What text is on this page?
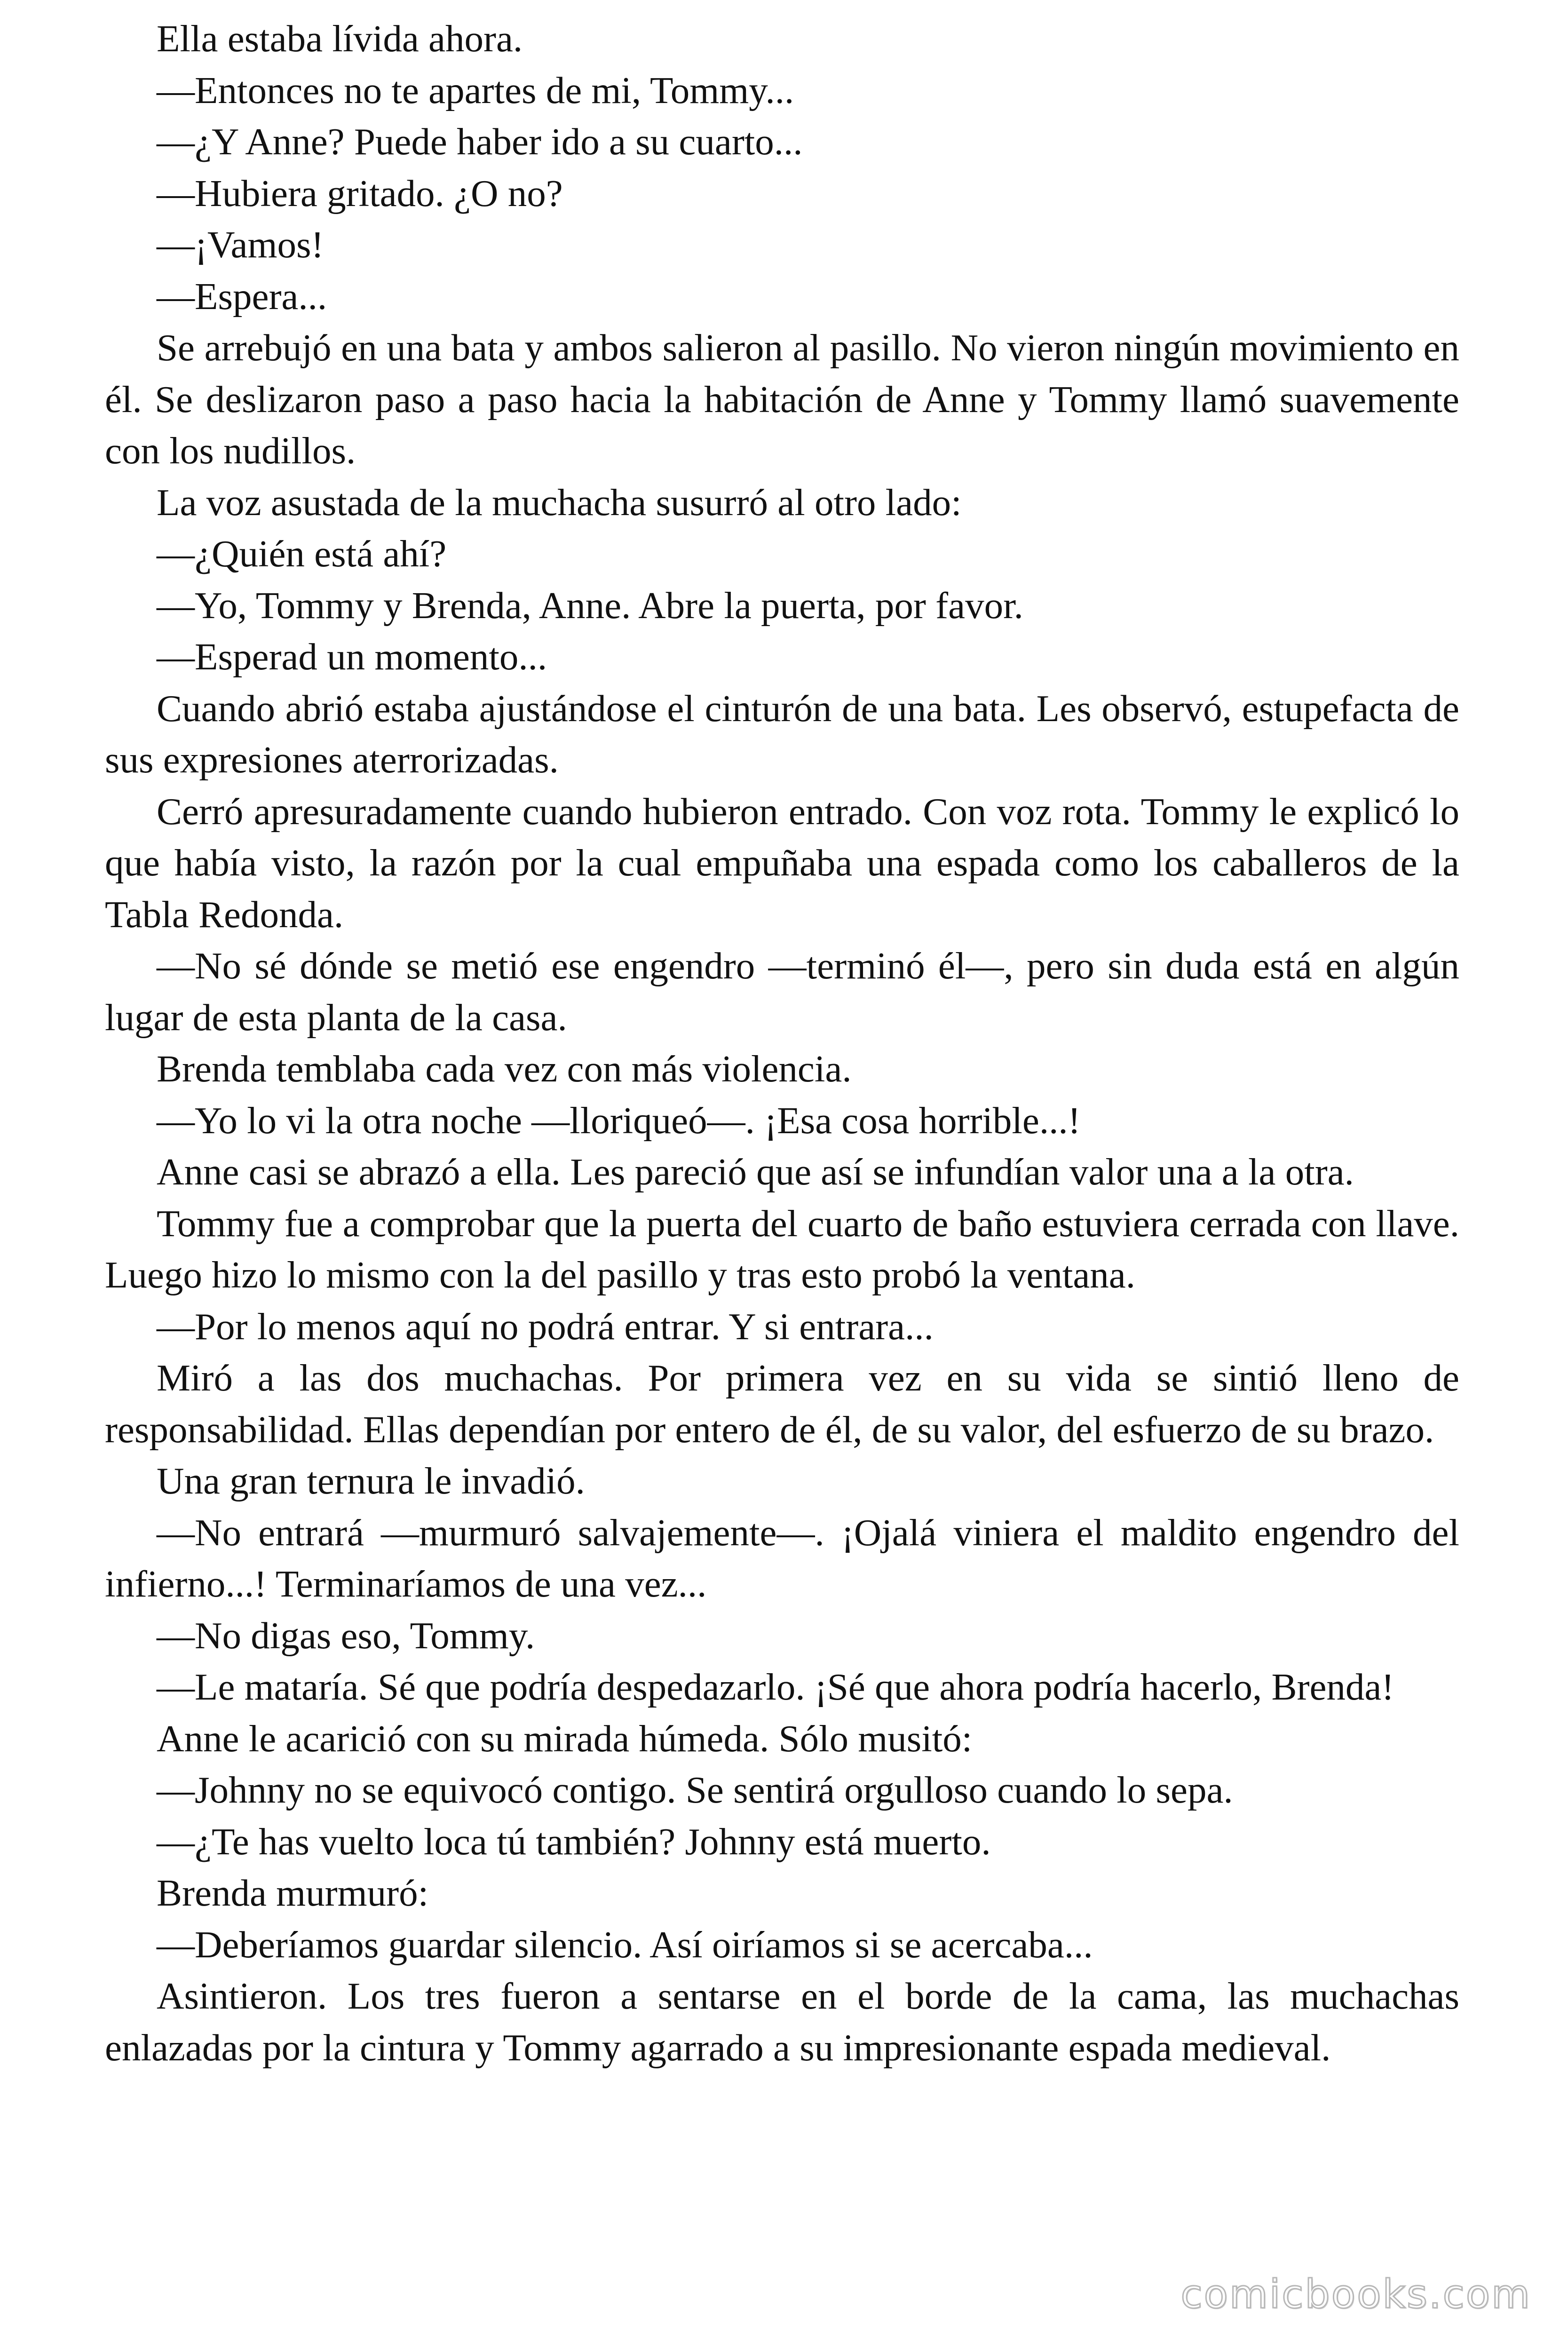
Ella estaba lívida ahora.

—Entonces no te apartes de mi, Tommy...

—¿Y Anne? Puede haber ido a su cuarto...

—Hubiera gritado. ¿O no?

—¡Vamos!

—Espera...

Se arrebujó en una bata y ambos salieron al pasillo. No vieron ningún movimiento en él. Se deslizaron paso a paso hacia la habitación de Anne y Tommy llamó suavemente con los nudillos.

La voz asustada de la muchacha susurró al otro lado:

—¿Quién está ahí?

—Yo, Tommy y Brenda, Anne. Abre la puerta, por favor.

—Esperad un momento...

Cuando abrió estaba ajustándose el cinturón de una bata. Les observó, estupefacta de sus expresiones aterrorizadas.

Cerró apresuradamente cuando hubieron entrado. Con voz rota. Tommy le explicó lo que había visto, la razón por la cual empuñaba una espada como los caballeros de la Tabla Redonda.

—No sé dónde se metió ese engendro —terminó él—, pero sin duda está en algún lugar de esta planta de la casa.

Brenda temblaba cada vez con más violencia.

—Yo lo vi la otra noche —lloriqueó—. ¡Esa cosa horrible...!

Anne casi se abrazó a ella. Les pareció que así se infundían valor una a la otra.

Tommy fue a comprobar que la puerta del cuarto de baño estuviera cerrada con llave. Luego hizo lo mismo con la del pasillo y tras esto probó la ventana.

—Por lo menos aquí no podrá entrar. Y si entrara...

Miró a las dos muchachas. Por primera vez en su vida se sintió lleno de responsabilidad. Ellas dependían por entero de él, de su valor, del esfuerzo de su brazo.

Una gran ternura le invadió.

—No entrará —murmuró salvajemente—. ¡Ojalá viniera el maldito engendro del infierno...! Terminaríamos de una vez...

—No digas eso, Tommy.

—Le mataría. Sé que podría despedazarlo. ¡Sé que ahora podría hacerlo, Brenda!

Anne le acarició con su mirada húmeda. Sólo musitó:

—Johnny no se equivocó contigo. Se sentirá orgulloso cuando lo sepa.

—¿Te has vuelto loca tú también? Johnny está muerto.

Brenda murmuró:

—Deberíamos guardar silencio. Así oiríamos si se acercaba...

Asintieron. Los tres fueron a sentarse en el borde de la cama, las muchachas enlazadas por la cintura y Tommy agarrado a su impresionante espada medieval.

comicbooks.com
